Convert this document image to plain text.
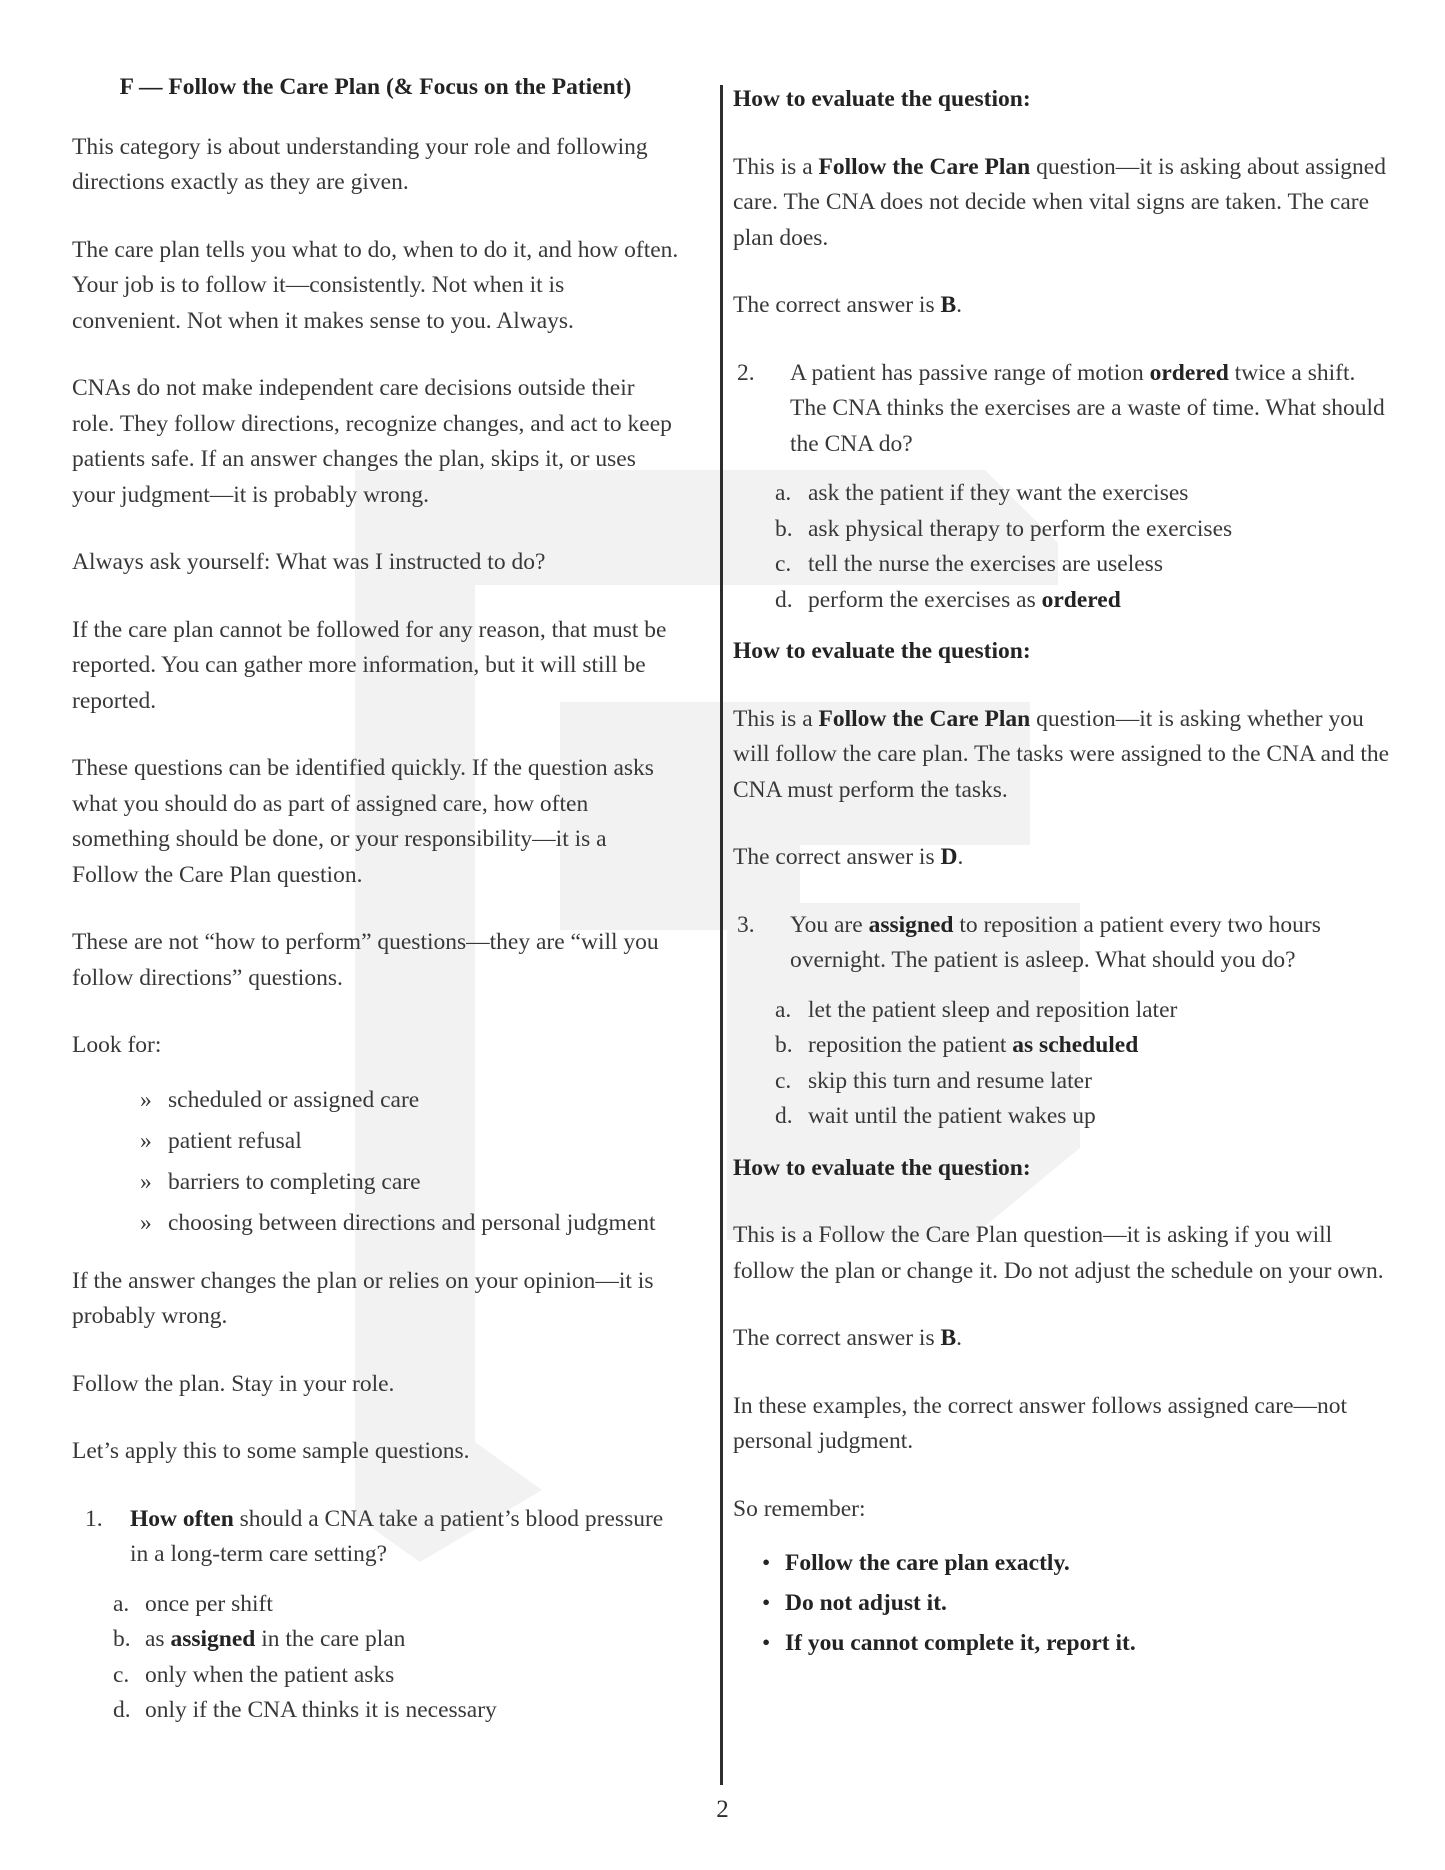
F — Follow the Care Plan (& Focus on the Patient)

This category is about understanding your role and following directions exactly as they are given.

The care plan tells you what to do, when to do it, and how often. Your job is to follow it—consistently. Not when it is convenient. Not when it makes sense to you. Always.

CNAs do not make independent care decisions outside their role. They follow directions, recognize changes, and act to keep patients safe. If an answer changes the plan, skips it, or uses your judgment—it is probably wrong.

Always ask yourself: What was I instructed to do?

If the care plan cannot be followed for any reason, that must be reported. You can gather more information, but it will still be reported.

These questions can be identified quickly. If the question asks what you should do as part of assigned care, how often something should be done, or your responsibility—it is a Follow the Care Plan question.

These are not “how to perform” questions—they are “will you follow directions” questions.

Look for:

» scheduled or assigned care
» patient refusal
» barriers to completing care
» choosing between directions and personal judgment

If the answer changes the plan or relies on your opinion—it is probably wrong.

Follow the plan. Stay in your role.

Let’s apply this to some sample questions.

1.	How often should a CNA take a patient’s blood pressure in a long-term care setting?
a. once per shift
b. as assigned in the care plan
c. only when the patient asks
d. only if the CNA thinks it is necessary

How to evaluate the question:

This is a Follow the Care Plan question—it is asking about assigned care. The CNA does not decide when vital signs are taken. The care plan does.

The correct answer is B.

2.	A patient has passive range of motion ordered twice a shift. The CNA thinks the exercises are a waste of time. What should the CNA do?
a. ask the patient if they want the exercises
b. ask physical therapy to perform the exercises
c. tell the nurse the exercises are useless
d. perform the exercises as ordered

How to evaluate the question:

This is a Follow the Care Plan question—it is asking whether you will follow the care plan. The tasks were assigned to the CNA and the CNA must perform the tasks.

The correct answer is D.

3.	You are assigned to reposition a patient every two hours overnight. The patient is asleep. What should you do?
a. let the patient sleep and reposition later
b. reposition the patient as scheduled
c. skip this turn and resume later
d. wait until the patient wakes up

How to evaluate the question:

This is a Follow the Care Plan question—it is asking if you will follow the plan or change it. Do not adjust the schedule on your own.

The correct answer is B.

In these examples, the correct answer follows assigned care—not personal judgment.

So remember:

• Follow the care plan exactly.
• Do not adjust it.
• If you cannot complete it, report it.
2
